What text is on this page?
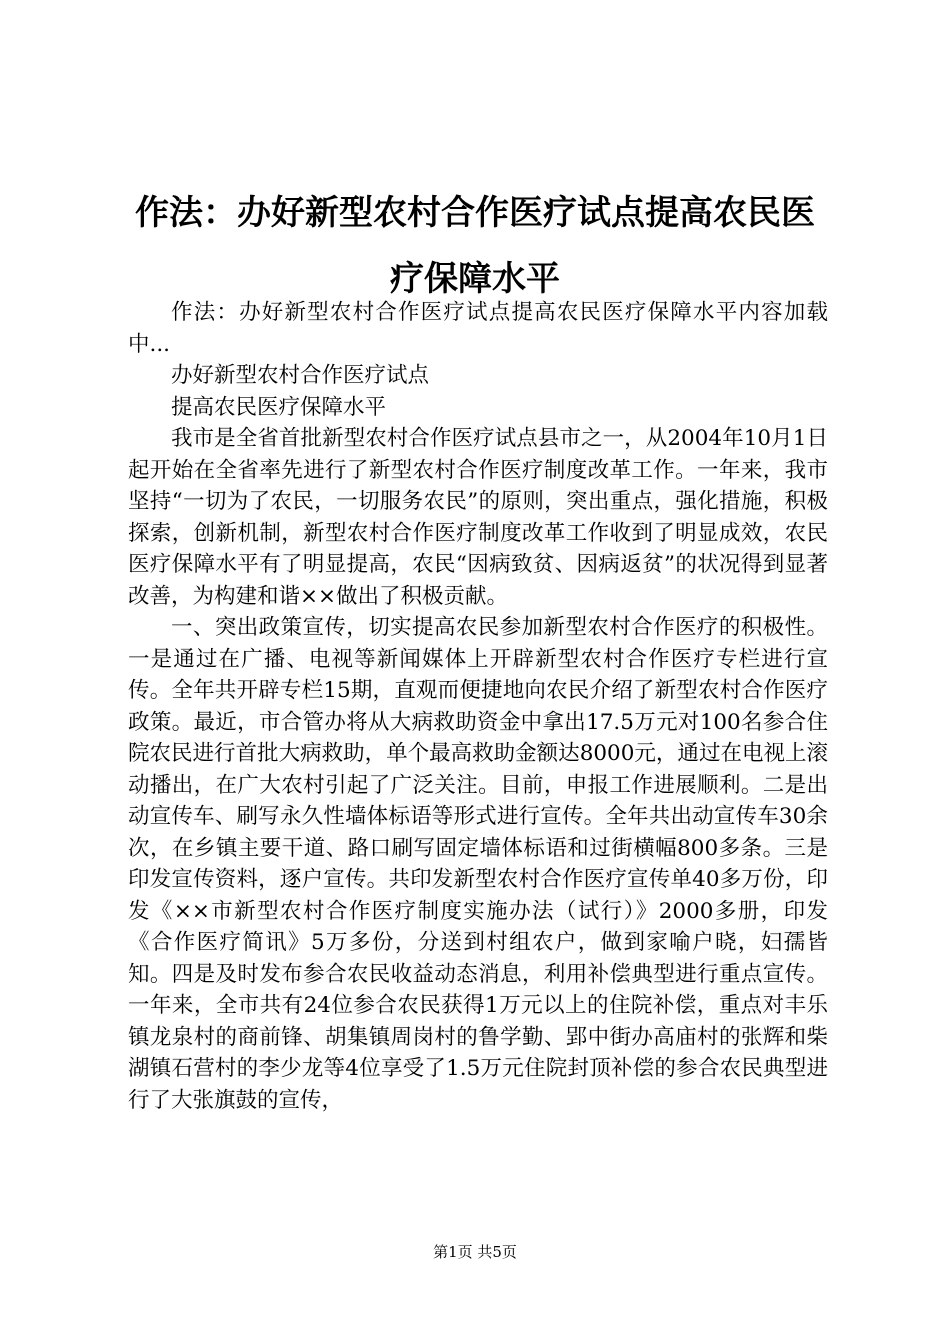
作法：办好新型农村合作医疗试点提高农民医
疗保障水平

作法：办好新型农村合作医疗试点提高农民医疗保障水平内容加载中...

办好新型农村合作医疗试点

提高农民医疗保障水平

我市是全省首批新型农村合作医疗试点县市之一，从2004年10月1日起开始在全省率先进行了新型农村合作医疗制度改革工作。一年来，我市坚持“一切为了农民，一切服务农民”的原则，突出重点，强化措施，积极探索，创新机制，新型农村合作医疗制度改革工作收到了明显成效，农民医疗保障水平有了明显提高，农民“因病致贫、因病返贫”的状况得到显著改善，为构建和谐××做出了积极贡献。

一、突出政策宣传，切实提高农民参加新型农村合作医疗的积极性。一是通过在广播、电视等新闻媒体上开辟新型农村合作医疗专栏进行宣传。全年共开辟专栏15期，直观而便捷地向农民介绍了新型农村合作医疗政策。最近，市合管办将从大病救助资金中拿出17.5万元对100名参合住院农民进行首批大病救助，单个最高救助金额达8000元，通过在电视上滚动播出，在广大农村引起了广泛关注。目前，申报工作进展顺利。二是出动宣传车、刷写永久性墙体标语等形式进行宣传。全年共出动宣传车30余次，在乡镇主要干道、路口刷写固定墙体标语和过街横幅800多条。三是印发宣传资料，逐户宣传。共印发新型农村合作医疗宣传单40多万份，印发《××市新型农村合作医疗制度实施办法（试行）》2000多册，印发《合作医疗简讯》5万多份，分送到村组农户，做到家喻户晓，妇孺皆知。四是及时发布参合农民收益动态消息，利用补偿典型进行重点宣传。一年来，全市共有24位参合农民获得1万元以上的住院补偿，重点对丰乐镇龙泉村的商前锋、胡集镇周岗村的鲁学勤、郢中街办高庙村的张辉和柴湖镇石营村的李少龙等4位享受了1.5万元住院封顶补偿的参合农民典型进行了大张旗鼓的宣传，

第1页 共5页
